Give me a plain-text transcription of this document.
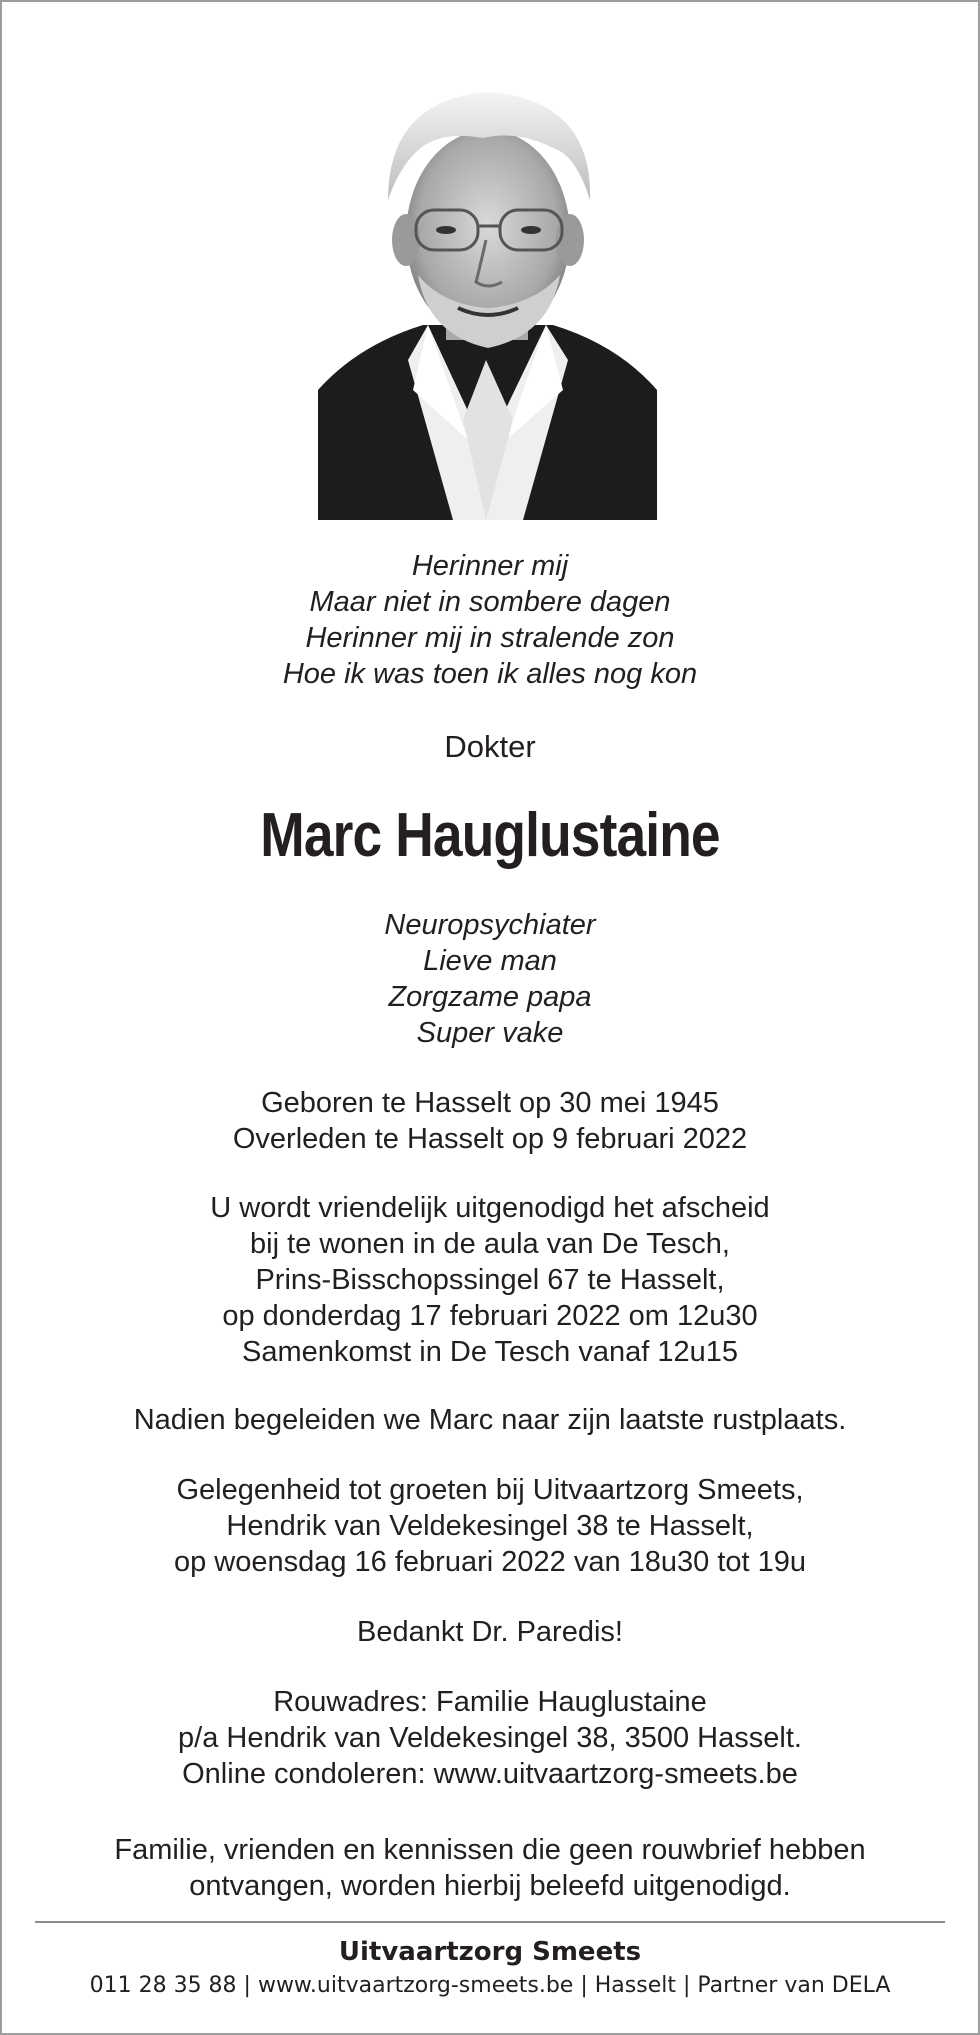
Herinner mij
Maar niet in sombere dagen
Herinner mij in stralende zon
Hoe ik was toen ik alles nog kon
Dokter
Marc Hauglustaine
Neuropsychiater
Lieve man
Zorgzame papa
Super vake
Geboren te Hasselt op 30 mei 1945
Overleden te Hasselt op 9 februari 2022
U wordt vriendelijk uitgenodigd het afscheid
bij te wonen in de aula van De Tesch,
Prins-Bisschopssingel 67 te Hasselt,
op donderdag 17 februari 2022 om 12u30
Samenkomst in De Tesch vanaf 12u15
Nadien begeleiden we Marc naar zijn laatste rustplaats.
Gelegenheid tot groeten bij Uitvaartzorg Smeets,
Hendrik van Veldekesingel 38 te Hasselt,
op woensdag 16 februari 2022 van 18u30 tot 19u
Bedankt Dr. Paredis!
Rouwadres: Familie Hauglustaine
p/a Hendrik van Veldekesingel 38, 3500 Hasselt.
Online condoleren: www.uitvaartzorg-smeets.be
Familie, vrienden en kennissen die geen rouwbrief hebben
ontvangen, worden hierbij beleefd uitgenodigd.
Uitvaartzorg Smeets
011 28 35 88 | www.uitvaartzorg-smeets.be | Hasselt | Partner van DELA
